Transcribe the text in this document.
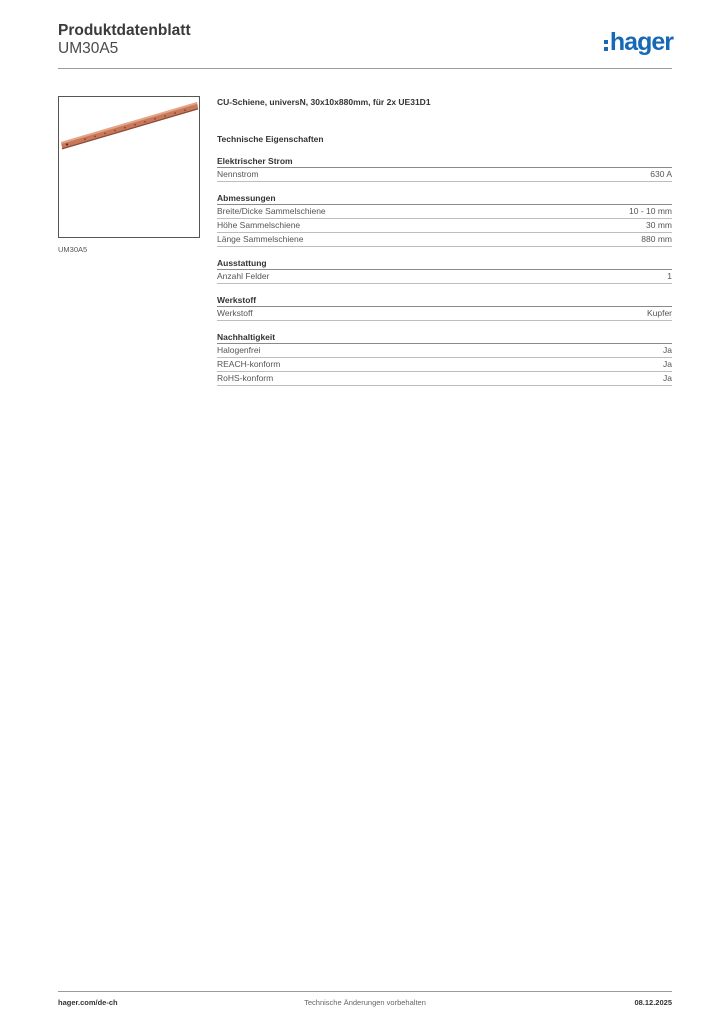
Produktdatenblatt
UM30A5	hager
UM30A5
CU-Schiene, universN, 30x10x880mm, für 2x UE31D1
Technische Eigenschaften
Elektrischer Strom
Nennstrom	630 A
Abmessungen
Breite/Dicke Sammelschiene	10 - 10 mm
Höhe Sammelschiene	30 mm
Länge Sammelschiene	880 mm
Ausstattung
Anzahl Felder	1
Werkstoff
Werkstoff	Kupfer
Nachhaltigkeit
Halogenfrei	Ja
REACH-konform	Ja
RoHS-konform	Ja
hager.com/de-ch	Technische Änderungen vorbehalten	08.12.2025
